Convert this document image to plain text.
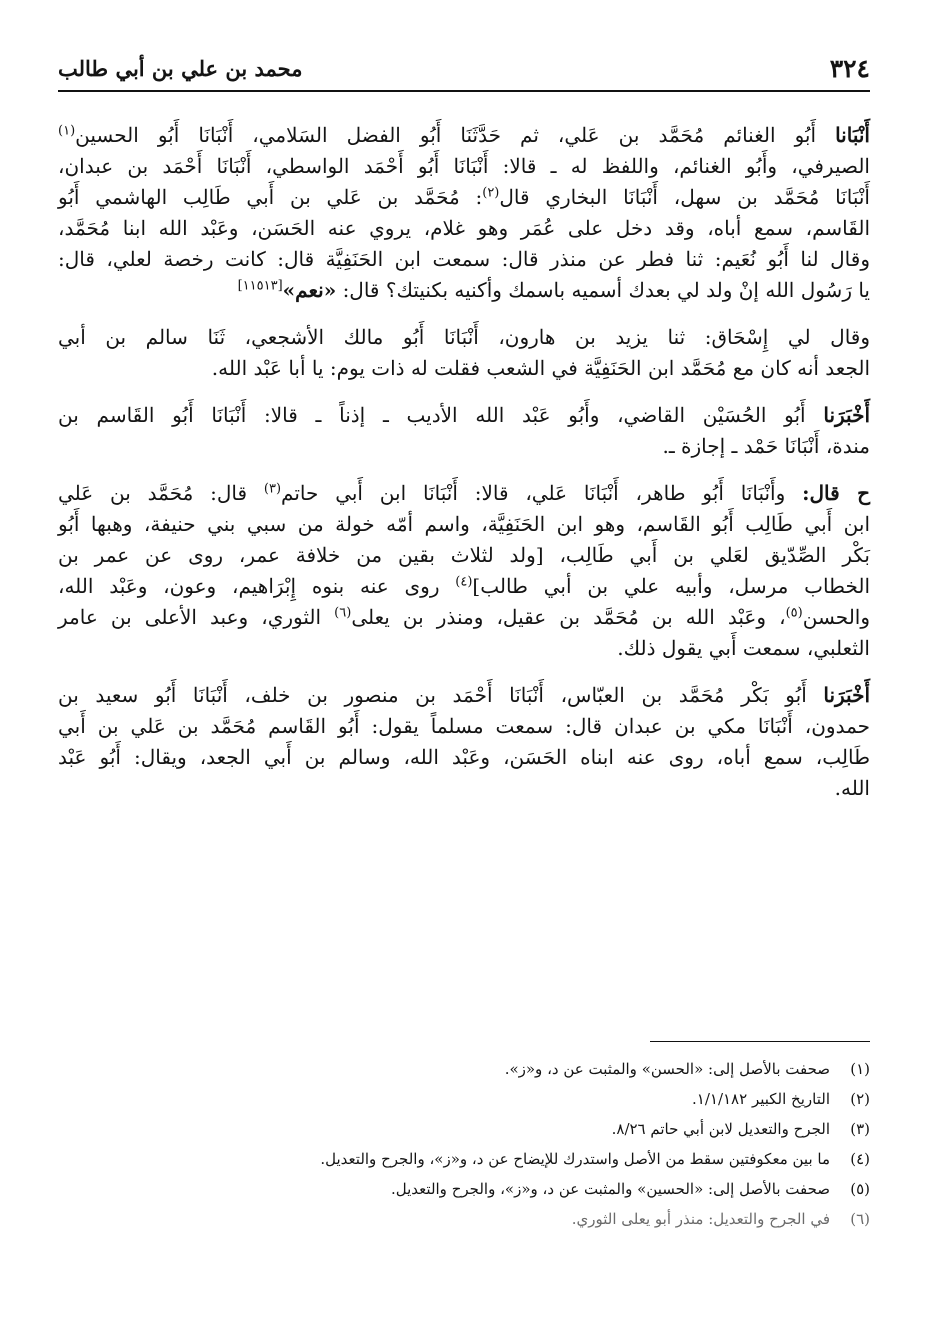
٣٢٤
محمد بن علي بن أبي طالب

أَنْبَانا أَبُو الغنائم مُحَمَّد بن عَلي، ثم حَدَّثَنَا أَبُو الفضل السَلامي، أَنْبَانَا أَبُو الحسين$^{(١)}$
الصيرفي، وأَبُو الغنائم، واللفظ له ـ قالا: أَنْبَانَا أَبُو أَحْمَد الواسطي، أَنْبَانَا أَحْمَد بن عبدان،
أَنْبَانَا مُحَمَّد بن سهل، أَنْبَانَا البخاري قال$^{(٢)}$: مُحَمَّد بن عَلي بن أَبي طَالِب الهاشمي أَبُو
القَاسم، سمع أباه، وقد دخل على عُمَر وهو غلام، يروي عنه الحَسَن، وعَبْد الله ابنا مُحَمَّد،
وقال لنا أَبُو نُعَيم: ثنا فطر عن منذر قال: سمعت ابن الحَنَفِيَّة قال: كانت رخصة لعلي، قال:
يا رَسُول الله إنْ ولد لي بعدك أسميه باسمك وأكنيه بكنيتك؟ قال: «نعم»[١١٥١٣]

وقال لي إِسْحَاق: ثنا يزيد بن هارون، أَنْبَانَا أَبُو مالك الأشجعي، ثَنَا سالم بن أبي
الجعد أنه كان مع مُحَمَّد ابن الحَنَفِيَّة في الشعب فقلت له ذات يوم: يا أبا عَبْد الله.

أَخْبَرَنا أَبُو الحُسَيْن القاضي، وأَبُو عَبْد الله الأديب ـ إذناً ـ قالا: أَنْبَانَا أَبُو القَاسم بن
مندة، أَنْبَانَا حَمْد ـ إجازة ـ.

ح قال: وأَنْبَانَا أَبُو طاهر، أَنْبَانَا عَلي، قالا: أَنْبَانَا ابن أَبي حاتم$^{(٣)}$ قال: مُحَمَّد بن عَلي
ابن أَبي طَالِب أَبُو القَاسم، وهو ابن الحَنَفِيَّة، واسم أمّه خولة من سبي بني حنيفة، وهبها أَبُو
بَكْر الصِّدّيق لعَلي بن أَبي طَالِب، [ولد لثلاث بقين من خلافة عمر، روى عن عمر بن
الخطاب مرسل، وأبيه علي بن أبي طالب]$^{(٤)}$ روى عنه بنوه إِبْرَاهيم، وعون، وعَبْد الله،
والحسن$^{(٥)}$، وعَبْد الله بن مُحَمَّد بن عقيل، ومنذر بن يعلى$^{(٦)}$ الثوري، وعبد الأعلى بن عامر
الثعلبي، سمعت أَبي يقول ذلك.

أَخْبَرَنا أَبُو بَكْر مُحَمَّد بن العبّاس، أَنْبَانَا أَحْمَد بن منصور بن خلف، أَنْبَانَا أَبُو سعيد بن
حمدون، أَنْبَانَا مكي بن عبدان قال: سمعت مسلماً يقول: أَبُو القَاسم مُحَمَّد بن عَلي بن أَبي
طَالِب، سمع أباه، روى عنه ابناه الحَسَن، وعَبْد الله، وسالم بن أَبي الجعد، ويقال: أَبُو عَبْد
الله.

(١)
صحفت بالأصل إلى: «الحسن» والمثبت عن د، و«ز».
(٢)
التاريخ الكبير ١/١/١٨٢.
(٣)
الجرح والتعديل لابن أبي حاتم ٨/٢٦.
(٤)
ما بين معكوفتين سقط من الأصل واستدرك للإيضاح عن د، و«ز»، والجرح والتعديل.
(٥)
صحفت بالأصل إلى: «الحسين» والمثبت عن د، و«ز»، والجرح والتعديل.
(٦)
في الجرح والتعديل: منذر أبو يعلى الثوري.
